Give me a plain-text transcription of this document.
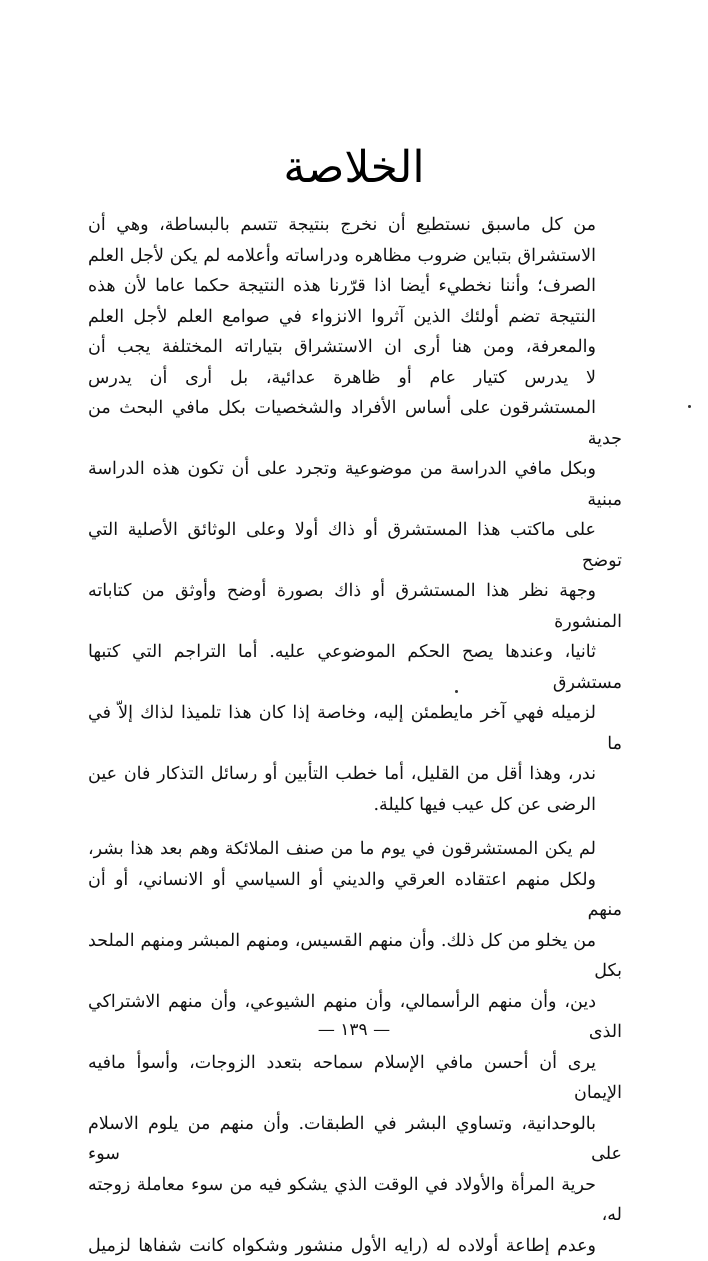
الخلاصة

من كل ماسبق نستطيع أن نخرج بنتيجة تتسم بالبساطة، وهي أن
الاستشراق بتباين ضروب مظاهره ودراساته وأعلامه لم يكن لأجل العلم
الصرف؛ وأننا نخطيء أيضا اذا قرّرنا هذه النتيجة حكما عاما لأن هذه
النتيجة تضم أولئك الذين آثروا الانزواء في صوامع العلم لأجل العلم
والمعرفة، ومن هنا أرى ان الاستشراق بتياراته المختلفة يجب أن
لا يدرس كتيار عام أو ظاهرة عدائية، بل أرى أن يدرس
المستشرقون على أساس الأفراد والشخصيات بكل مافي البحث من جدية
وبكل مافي الدراسة من موضوعية وتجرد على أن تكون هذه الدراسة مبنية
على ماكتب هذا المستشرق أو ذاك أولا وعلى الوثائق الأصلية التي توضح
وجهة نظر هذا المستشرق أو ذاك بصورة أوضح وأوثق من كتاباته المنشورة
ثانيا، وعندها يصح الحكم الموضوعي عليه. أما التراجم التي كتبها مستشرق
لزميله فهي آخر مايطمئن إليه، وخاصة إذا كان هذا تلميذا لذاك إلاّ في ما
ندر، وهذا أقل من القليل، أما خطب التأبين أو رسائل التذكار فان عين
الرضى عن كل عيب فيها كليلة.

لم يكن المستشرقون في يوم ما من صنف الملائكة وهم بعد هذا بشر،
ولكل منهم اعتقاده العرقي والديني أو السياسي أو الانساني، أو أن منهم
من يخلو من كل ذلك. وأن منهم القسيس، ومنهم المبشر ومنهم الملحد بكل
دين، وأن منهم الرأسمالي، وأن منهم الشيوعي، وأن منهم الاشتراكي الذى
يرى أن أحسن مافي الإسلام سماحه بتعدد الزوجات، وأسوأ مافيه الإيمان
بالوحدانية، وتساوي البشر في الطبقات. وأن منهم من يلوم الاسلام على سوء
حرية المرأة والأولاد في الوقت الذي يشكو فيه من سوء معاملة زوجته له،
وعدم إطاعة أولاده له (رايه الأول منشور وشكواه كانت شفاها لزميل

— ١٣٩ —
